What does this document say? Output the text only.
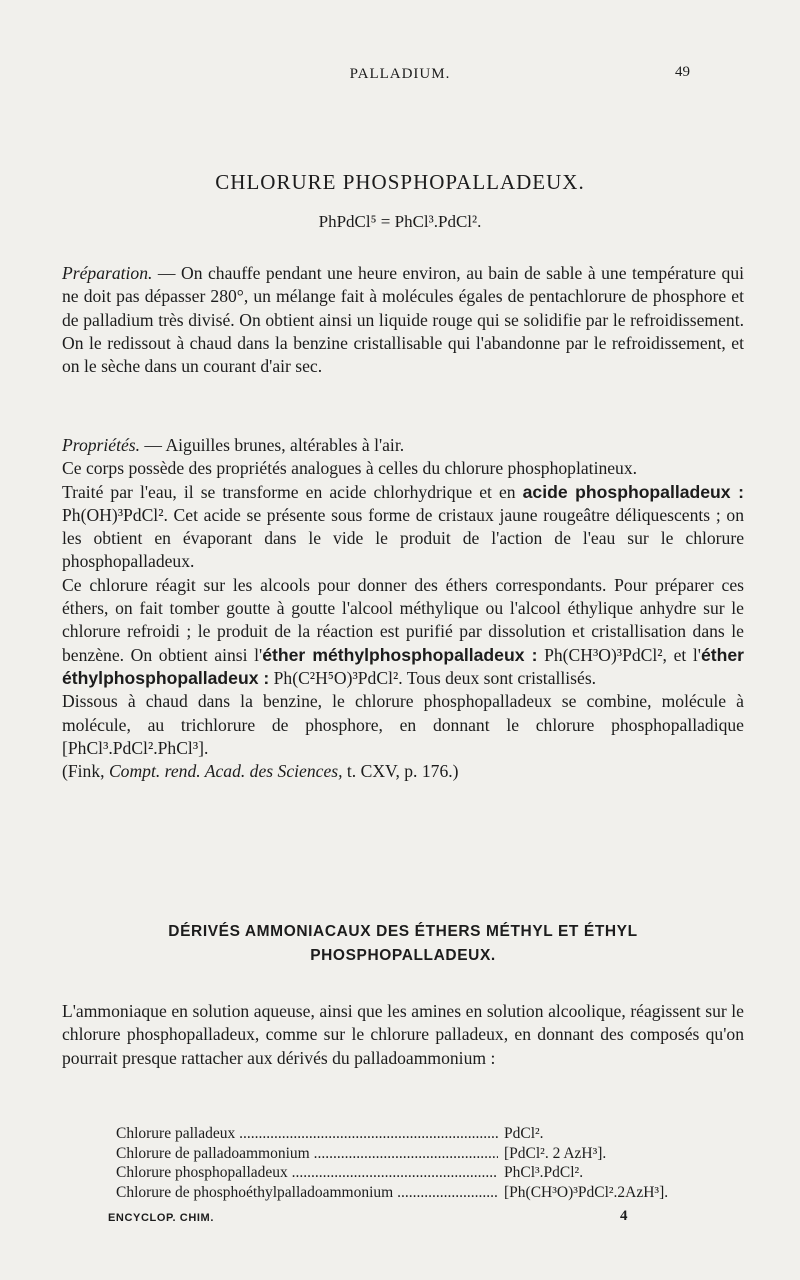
PALLADIUM.	49
CHLORURE PHOSPHOPALLADEUX.
PhPdCl⁵ = PhCl³.PdCl².

Préparation. — On chauffe pendant une heure environ, au bain de sable à une température qui ne doit pas dépasser 280°, un mélange fait à molécules égales de pentachlorure de phosphore et de palladium très divisé. On obtient ainsi un liquide rouge qui se solidifie par le refroidissement. On le redissout à chaud dans la benzine cristallisable qui l'abandonne par le refroidissement, et on le sèche dans un courant d'air sec.

Propriétés. — Aiguilles brunes, altérables à l'air.

Ce corps possède des propriétés analogues à celles du chlorure phosphoplatineux.

Traité par l'eau, il se transforme en acide chlorhydrique et en acide phosphopalladeux : Ph(OH)³PdCl². Cet acide se présente sous forme de cristaux jaune rougeâtre déliquescents ; on les obtient en évaporant dans le vide le produit de l'action de l'eau sur le chlorure phosphopalladeux.

Ce chlorure réagit sur les alcools pour donner des éthers correspondants. Pour préparer ces éthers, on fait tomber goutte à goutte l'alcool méthylique ou l'alcool éthylique anhydre sur le chlorure refroidi ; le produit de la réaction est purifié par dissolution et cristallisation dans le benzène. On obtient ainsi l'éther méthylphosphopalladeux : Ph(CH³O)³PdCl², et l'éther éthylphosphopalladeux : Ph(C²H⁵O)³PdCl². Tous deux sont cristallisés.

Dissous à chaud dans la benzine, le chlorure phosphopalladeux se combine, molécule à molécule, au trichlorure de phosphore, en donnant le chlorure phosphopalladique [PhCl³.PdCl².PhCl³].

(Fink, Compt. rend. Acad. des Sciences, t. CXV, p. 176.)

DÉRIVÉS AMMONIACAUX DES ÉTHERS MÉTHYL ET ÉTHYL
PHOSPHOPALLADEUX.

L'ammoniaque en solution aqueuse, ainsi que les amines en solution alcoolique, réagissent sur le chlorure phosphopalladeux, comme sur le chlorure palladeux, en donnant des composés qu'on pourrait presque rattacher aux dérivés du palladoammonium :

Chlorure palladeux .....	PdCl².
Chlorure de palladoammonium .....	[PdCl². 2 AzH³].
Chlorure phosphopalladeux .....	PhCl³.PdCl².
Chlorure de phosphoéthylpalladoammonium .....	[Ph(CH³O)³PdCl².2AzH³].
ENCYCLOP. CHIM.	4
